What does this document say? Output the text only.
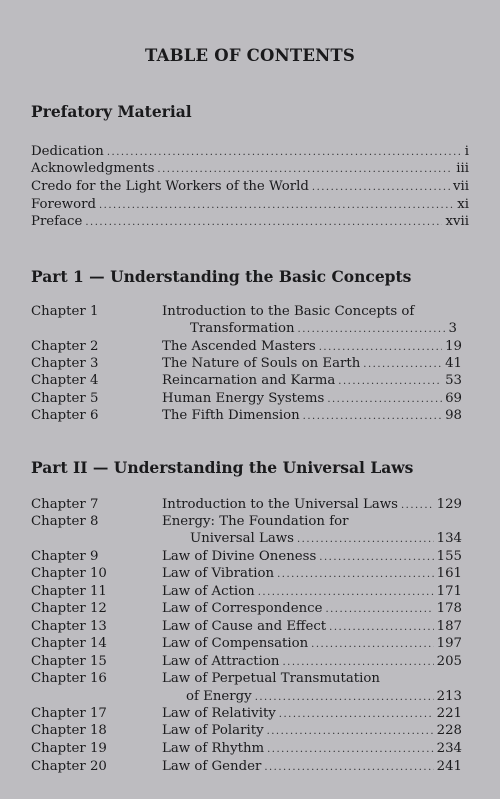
TABLE OF CONTENTS
Prefatory Material
Dedication .....	i
Acknowledgments .....	iii
Credo for the Light Workers of the World .....	vii
Foreword .....	xi
Preface .....	xvii
Part 1 — Understanding the Basic Concepts
Chapter 1	Introduction to the Basic Concepts of
Transformation .....	3
Chapter 2	The Ascended Masters .....	19
Chapter 3	The Nature of Souls on Earth .....	41
Chapter 4	Reincarnation and Karma .....	53
Chapter 5	Human Energy Systems .....	69
Chapter 6	The Fifth Dimension .....	98
Part II — Understanding the Universal Laws
Chapter 7	Introduction to the Universal Laws .....	129
Chapter 8	Energy: The Foundation for
Universal Laws .....	134
Chapter 9	Law of Divine Oneness .....	155
Chapter 10	Law of Vibration .....	161
Chapter 11	Law of Action .....	171
Chapter 12	Law of Correspondence .....	178
Chapter 13	Law of Cause and Effect .....	187
Chapter 14	Law of Compensation .....	197
Chapter 15	Law of Attraction .....	205
Chapter 16	Law of Perpetual Transmutation
of Energy .....	213
Chapter 17	Law of Relativity .....	221
Chapter 18	Law of Polarity .....	228
Chapter 19	Law of Rhythm .....	234
Chapter 20	Law of Gender .....	241
